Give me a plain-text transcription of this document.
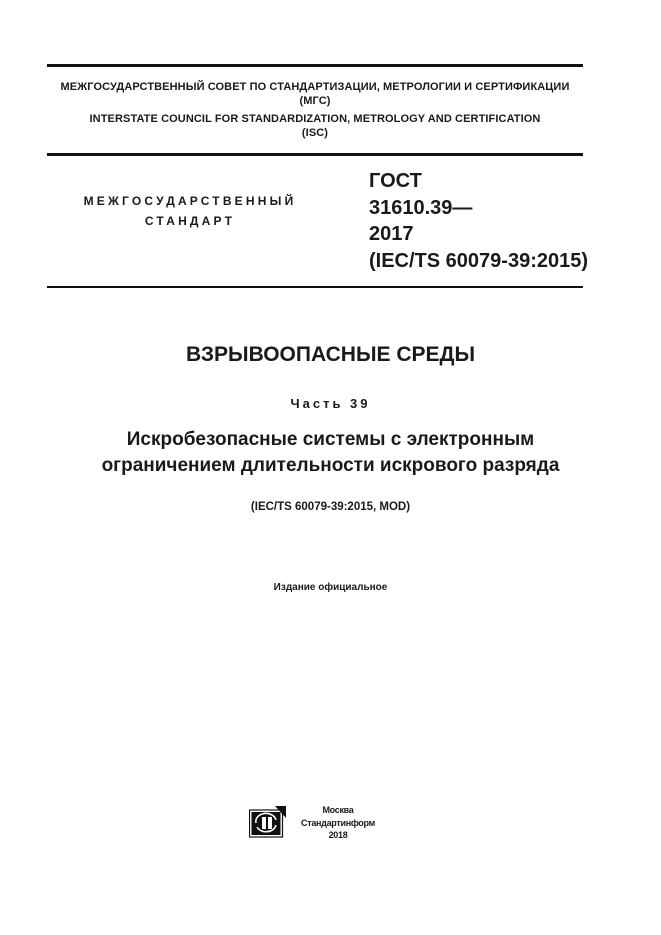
МЕЖГОСУДАРСТВЕННЫЙ СОВЕТ ПО СТАНДАРТИЗАЦИИ, МЕТРОЛОГИИ И СЕРТИФИКАЦИИ
(МГС)
INTERSTATE COUNCIL FOR STANDARDIZATION, METROLOGY AND CERTIFICATION
(ISC)
МЕЖГОСУДАРСТВЕННЫЙ
СТАНДАРТ
ГОСТ
31610.39—
2017
(IEC/TS 60079-39:2015)
ВЗРЫВООПАСНЫЕ СРЕДЫ
Часть 39
Искробезопасные системы с электронным
ограничением длительности искрового разряда
(IEC/TS 60079-39:2015, MOD)
Издание официальное
Москва
Стандартинформ
2018
